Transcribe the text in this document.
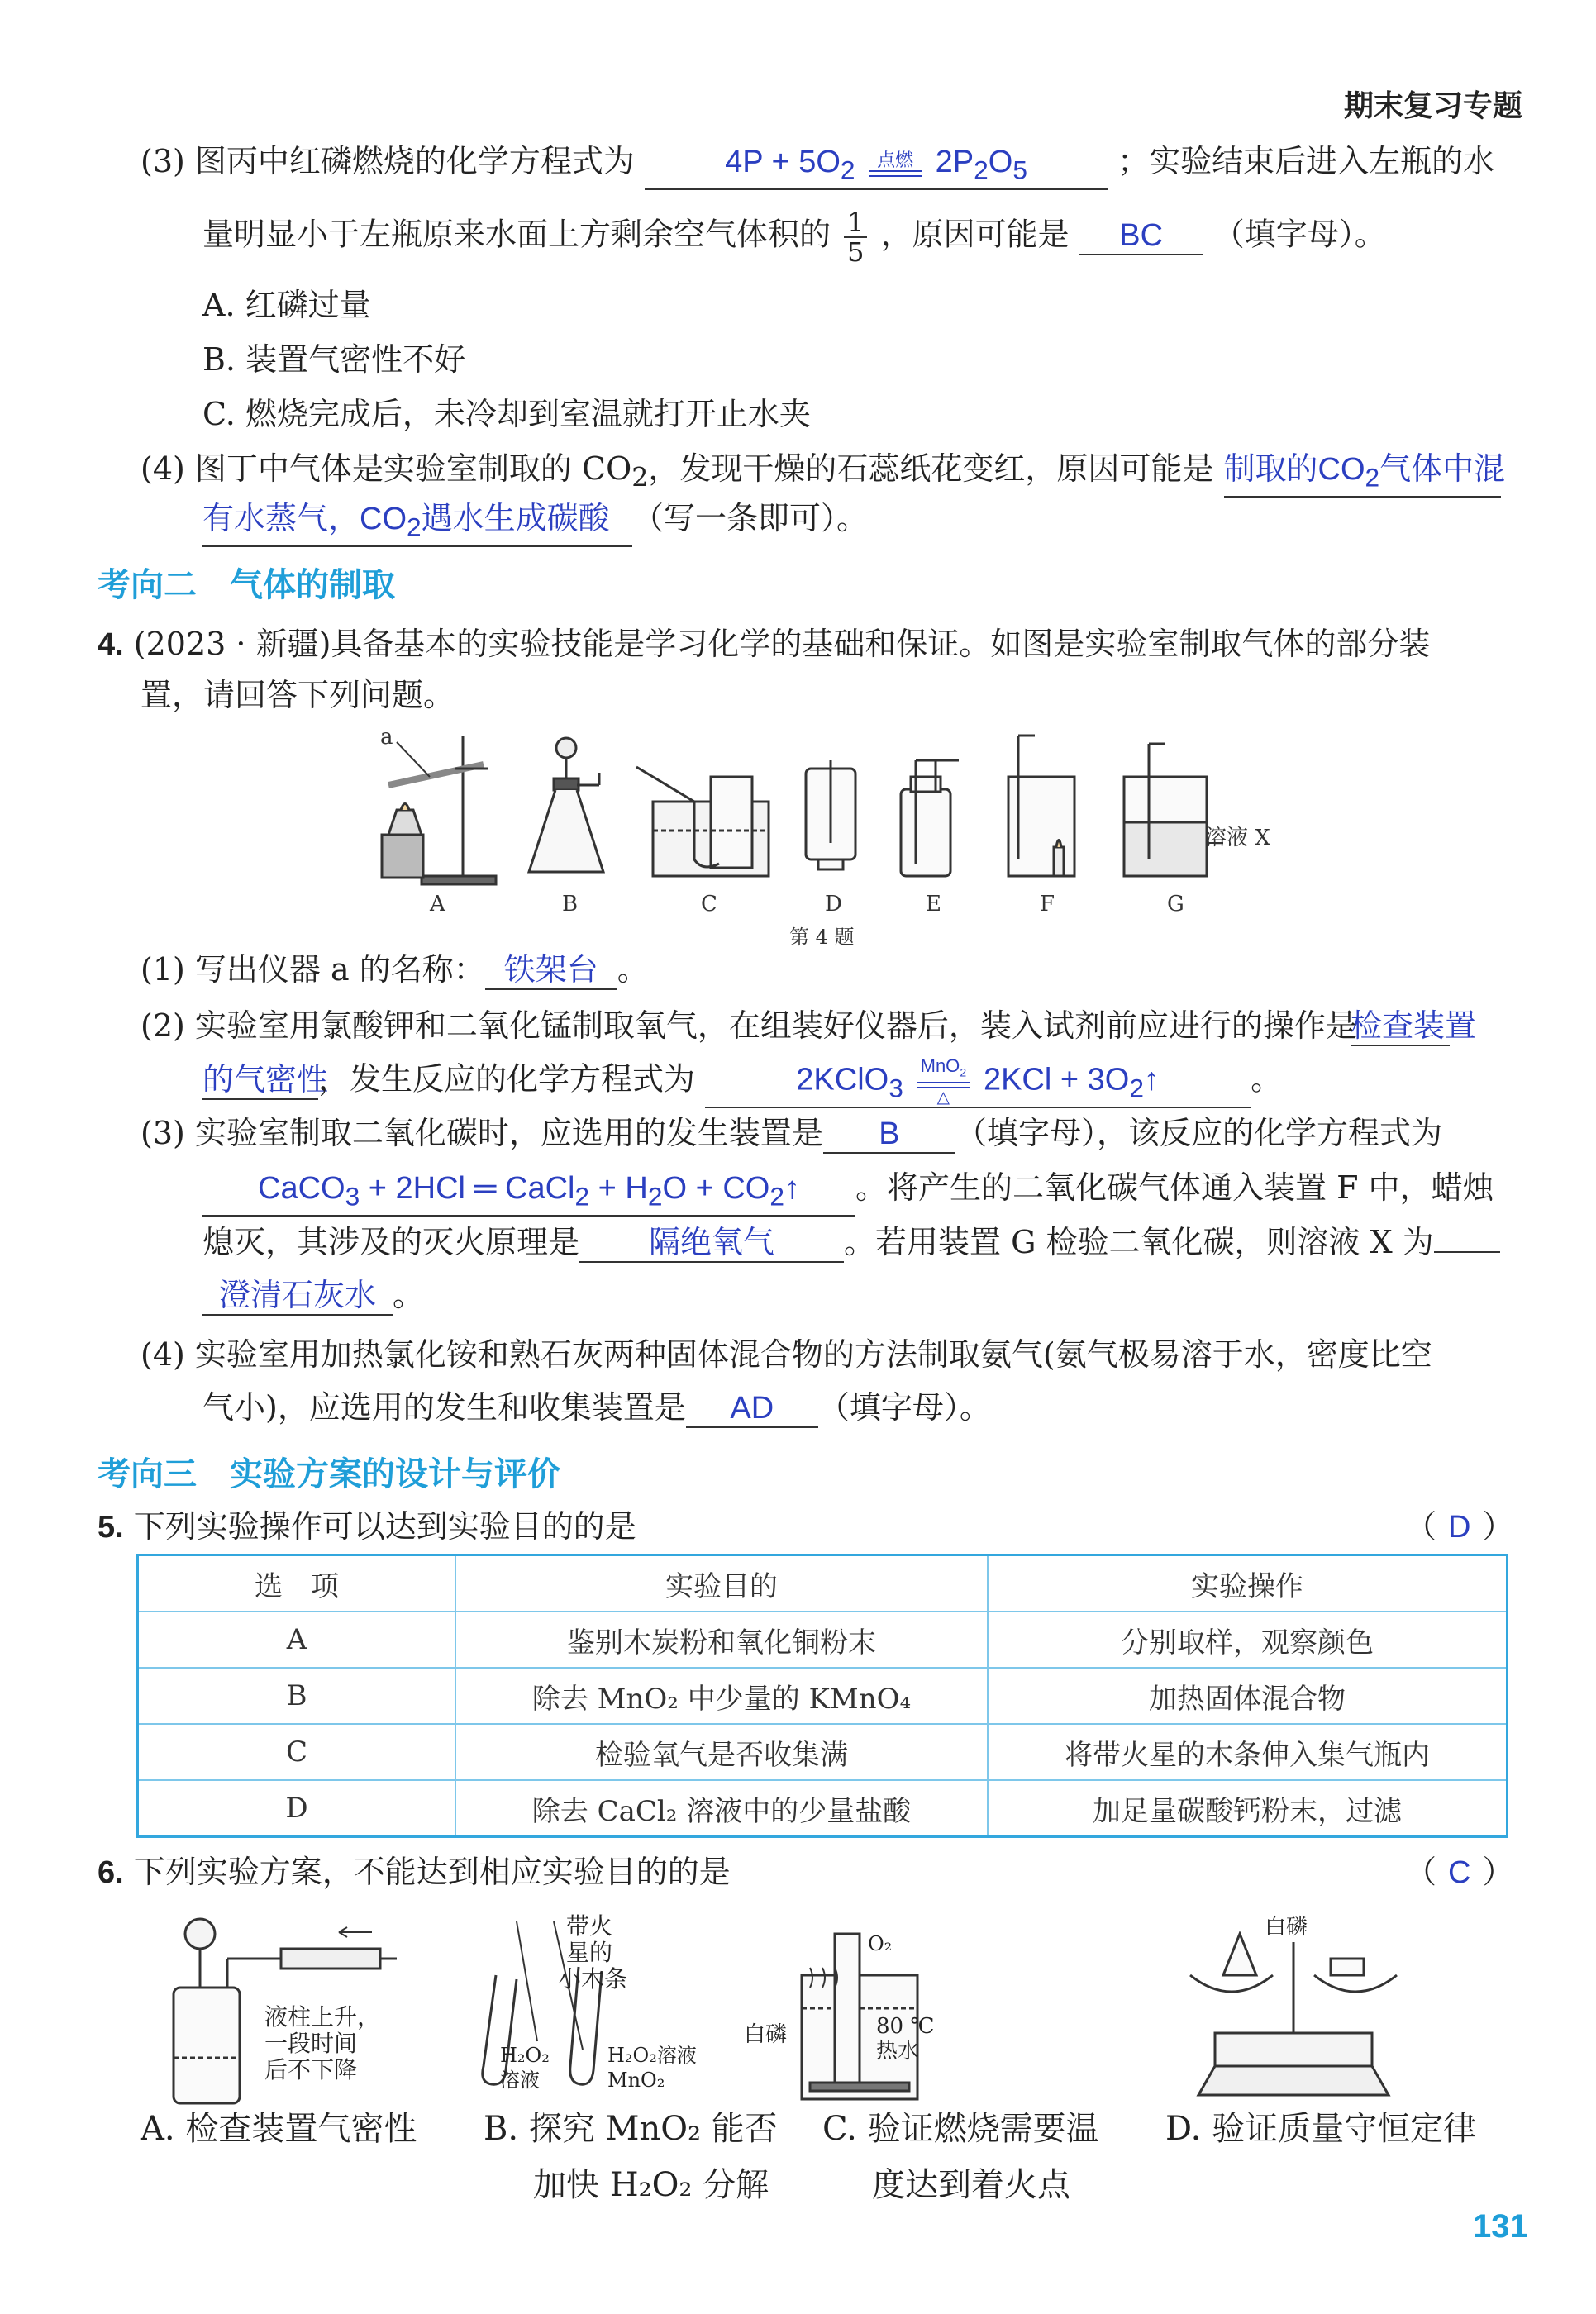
期末复习专题
(3) 图丙中红磷燃烧的化学方程式为	$4P + 5O_2$ 点燃 $2P_2O_5$	；实验结束后进入左瓶的水
量明显小于左瓶原来水面上方剩余空气体积的 $\frac{1}{5}$ ，原因可能是 BC （填字母）。
A. 红磷过量
B. 装置气密性不好
C. 燃烧完成后，未冷却到室温就打开止水夹
(4) 图丁中气体是实验室制取的 $CO_2$，发现干燥的石蕊纸花变红，原因可能是 制取的$CO_2$气体中混
有水蒸气，$CO_2$遇水生成碳酸 （写一条即可）。
考向二　气体的制取
4. (2023 · 新疆)具备基本的实验技能是学习化学的基础和保证。如图是实验室制取气体的部分装
置，请回答下列问题。
a
溶液 X
A	B	C	D	E	F	G
第 4 题
(1) 写出仪器 a 的名称： 铁架台 。
(2) 实验室用氯酸钾和二氧化锰制取氧气，在组装好仪器后，装入试剂前应进行的操作是 检查装置
的气密性，发生反应的化学方程式为	2KClO$_3$
MnO$_2$
△
$2KCl + 3O_2↑$	。
(3) 实验室制取二氧化碳时，应选用的发生装置是 B （填字母），该反应的化学方程式为
CaCO$_3$ + 2HCl ═ CaCl$_2$ + $H_2O$ + $CO_2↑$ 。将产生的二氧化碳气体通入装置 F 中，蜡烛
熄灭，其涉及的灭火原理是 隔绝氧气 。若用装置 G 检验二氧化碳，则溶液 X 为
澄清石灰水 。
(4) 实验室用加热氯化铵和熟石灰两种固体混合物的方法制取氨气(氨气极易溶于水，密度比空
气小)，应选用的发生和收集装置是 AD （填字母）。
考向三　实验方案的设计与评价
5. 下列实验操作可以达到实验目的的是	（ D ）
选　项	实验目的	实验操作
A	鉴别木炭粉和氧化铜粉末	分别取样，观察颜色
B	除去 MnO₂ 中少量的 KMnO₄	加热固体混合物
C	检验氧气是否收集满	将带火星的木条伸入集气瓶内
D	除去 CaCl₂ 溶液中的少量盐酸	加足量碳酸钙粉末，过滤
6. 下列实验方案，不能达到相应实验目的的是	（ C ）
液柱上升，
一段时间
后不下降
带火
星的
小木条
H₂O₂
溶液
H₂O₂溶液
MnO₂
O₂
80 ℃
热水
白磷
白磷
A. 检查装置气密性 B. 探究 MnO₂ 能否
加快 H₂O₂ 分解
C. 验证燃烧需要温
度达到着火点
D. 验证质量守恒定律
131
